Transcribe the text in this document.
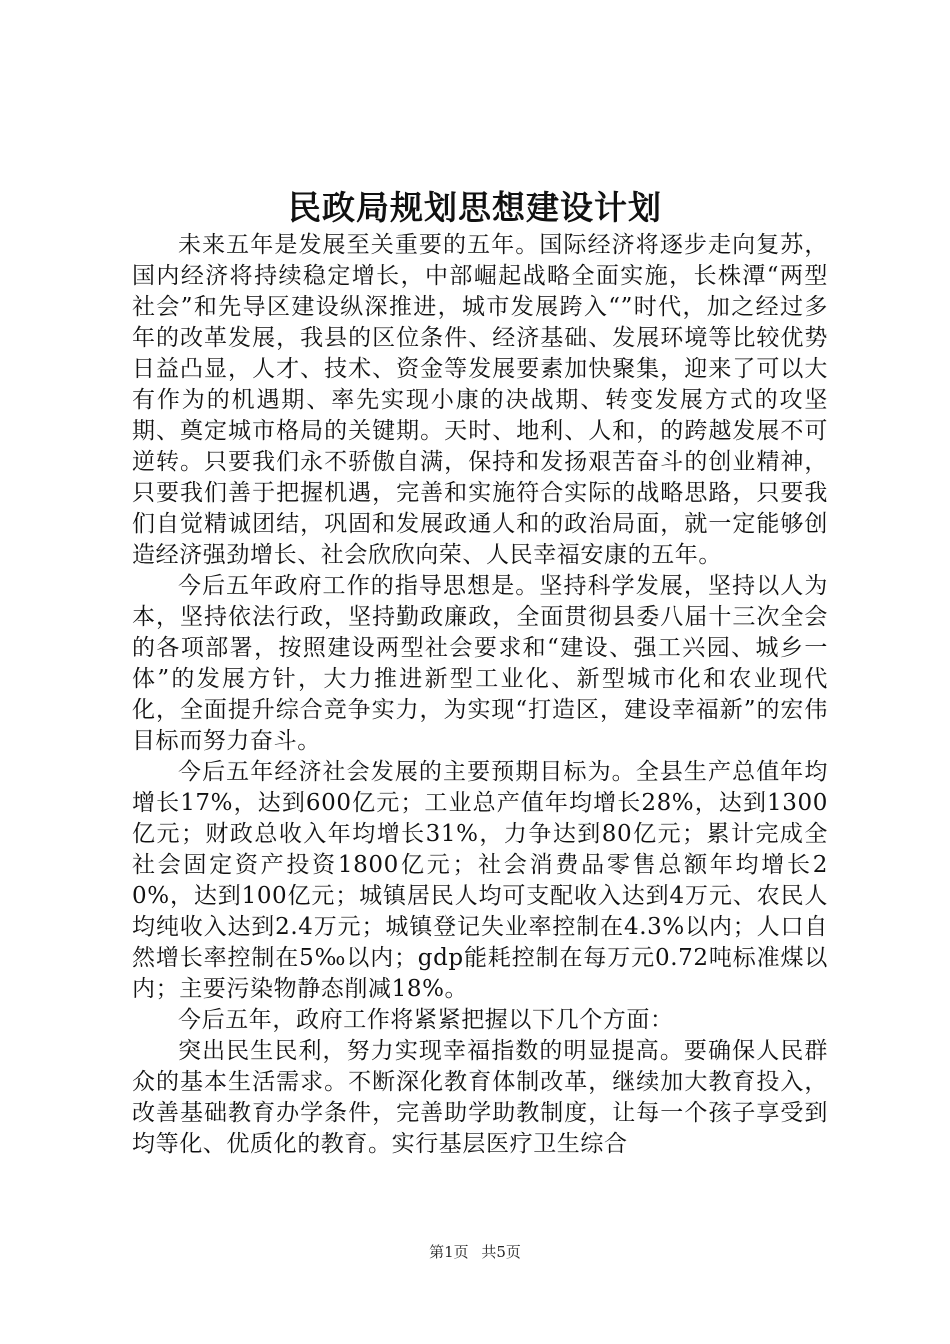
民政局规划思想建设计划

未来五年是发展至关重要的五年。国际经济将逐步走向复苏，国内经济将持续稳定增长，中部崛起战略全面实施，长株潭“两型社会”和先导区建设纵深推进，城市发展跨入“”时代，加之经过多年的改革发展，我县的区位条件、经济基础、发展环境等比较优势日益凸显，人才、技术、资金等发展要素加快聚集，迎来了可以大有作为的机遇期、率先实现小康的决战期、转变发展方式的攻坚期、奠定城市格局的关键期。天时、地利、人和，的跨越发展不可逆转。只要我们永不骄傲自满，保持和发扬艰苦奋斗的创业精神，只要我们善于把握机遇，完善和实施符合实际的战略思路，只要我们自觉精诚团结，巩固和发展政通人和的政治局面，就一定能够创造经济强劲增长、社会欣欣向荣、人民幸福安康的五年。

今后五年政府工作的指导思想是。坚持科学发展，坚持以人为本，坚持依法行政，坚持勤政廉政，全面贯彻县委八届十三次全会的各项部署，按照建设两型社会要求和“建设、强工兴园、城乡一体”的发展方针，大力推进新型工业化、新型城市化和农业现代化，全面提升综合竞争实力，为实现“打造区，建设幸福新”的宏伟目标而努力奋斗。

今后五年经济社会发展的主要预期目标为。全县生产总值年均增长17%，达到600亿元；工业总产值年均增长28%，达到1300亿元；财政总收入年均增长31%，力争达到80亿元；累计完成全社会固定资产投资1800亿元；社会消费品零售总额年均增长20%，达到100亿元；城镇居民人均可支配收入达到4万元、农民人均纯收入达到2.4万元；城镇登记失业率控制在4.3%以内；人口自然增长率控制在5‰以内；gdp能耗控制在每万元0.72吨标准煤以内；主要污染物静态削减18%。

今后五年，政府工作将紧紧把握以下几个方面：

突出民生民利，努力实现幸福指数的明显提高。要确保人民群众的基本生活需求。不断深化教育体制改革，继续加大教育投入，改善基础教育办学条件，完善助学助教制度，让每一个孩子享受到均等化、优质化的教育。实行基层医疗卫生综合

第1页 共5页
